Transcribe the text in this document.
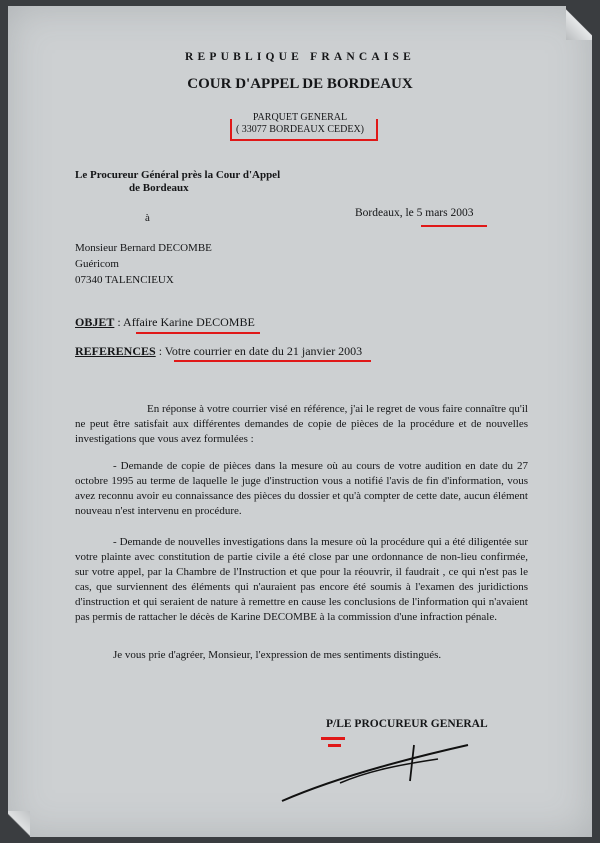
REPUBLIQUE FRANCAISE

COUR D'APPEL DE BORDEAUX

PARQUET GENERAL
( 33077 BORDEAUX CEDEX)

Le Procureur Général près la Cour d'Appel
de Bordeaux

à	Bordeaux, le 5 mars 2003

Monsieur Bernard DECOMBE
Guéricom
07340 TALENCIEUX

OBJET : Affaire Karine DECOMBE

REFERENCES : Votre courrier en date du 21 janvier 2003

En réponse à votre courrier visé en référence, j'ai le regret de vous faire connaître qu'il ne peut être satisfait aux différentes demandes de copie de pièces de la procédure et de nouvelles investigations que vous avez formulées :

- Demande de copie de pièces dans la mesure où au cours de votre audition en date du 27 octobre 1995 au terme de laquelle le juge d'instruction vous a notifié l'avis de fin d'information, vous avez reconnu avoir eu connaissance des pièces du dossier et qu'à compter de cette date, aucun élément nouveau n'est intervenu en procédure.

- Demande de nouvelles investigations dans la mesure où la procédure qui a été diligentée sur votre plainte avec constitution de partie civile a été close par une ordonnance de non-lieu confirmée, sur votre appel, par la Chambre de l'Instruction et que pour la réouvrir, il faudrait , ce qui n'est pas le cas, que surviennent des éléments qui n'auraient pas encore été soumis à l'examen des juridictions d'instruction et qui seraient de nature à remettre en cause les conclusions de l'information qui n'avaient pas permis de rattacher le décès de Karine DECOMBE à la commission d'une infraction pénale.

Je vous prie d'agréer, Monsieur, l'expression de mes sentiments distingués.

P/LE PROCUREUR GENERAL
